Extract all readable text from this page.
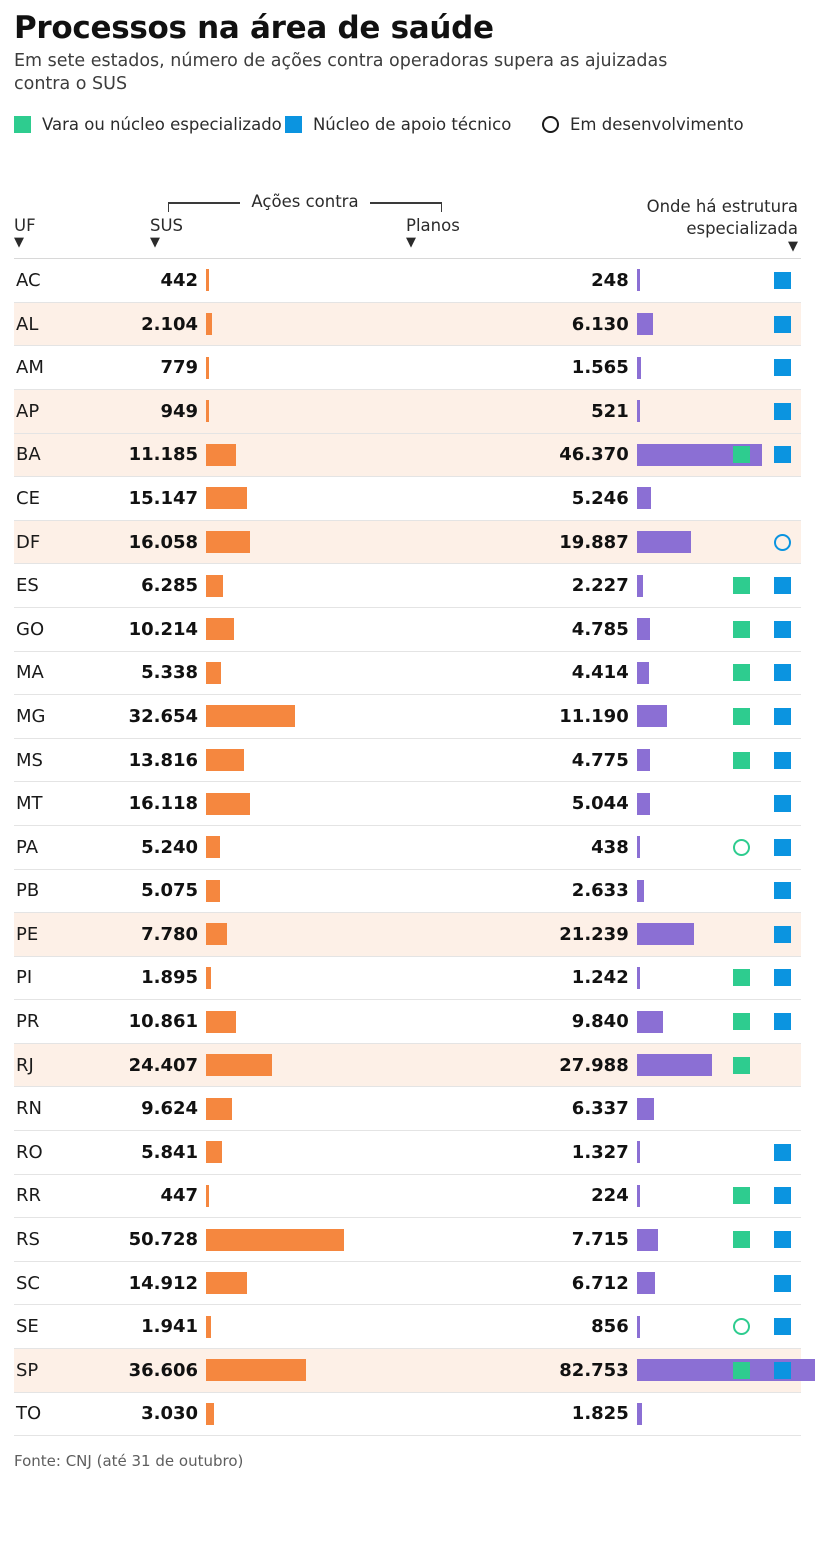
Processos na área de saúde
Em sete estados, número de ações contra operadoras supera as ajuizadas contra o SUS
Vara ou núcleo especializado Núcleo de apoio técnico	Em desenvolvimento
Ações contra
UF
▼
SUS
▼
Planos
▼
Onde há estrutura
especializada
▼
AC	442	248
AL	2.104	6.130
AM	779	1.565
AP	949	521
BA	11.185	46.370
CE	15.147	5.246
DF	16.058	19.887
ES	6.285	2.227
GO	10.214	4.785
MA	5.338	4.414
MG	32.654	11.190
MS	13.816	4.775
MT	16.118	5.044
PA	5.240	438
PB	5.075	2.633
PE	7.780	21.239
PI	1.895	1.242
PR	10.861	9.840
RJ	24.407	27.988
RN	9.624	6.337
RO	5.841	1.327
RR	447	224
RS	50.728	7.715
SC	14.912	6.712
SE	1.941	856
SP	36.606	82.753
TO	3.030	1.825
Fonte: CNJ (até 31 de outubro)
